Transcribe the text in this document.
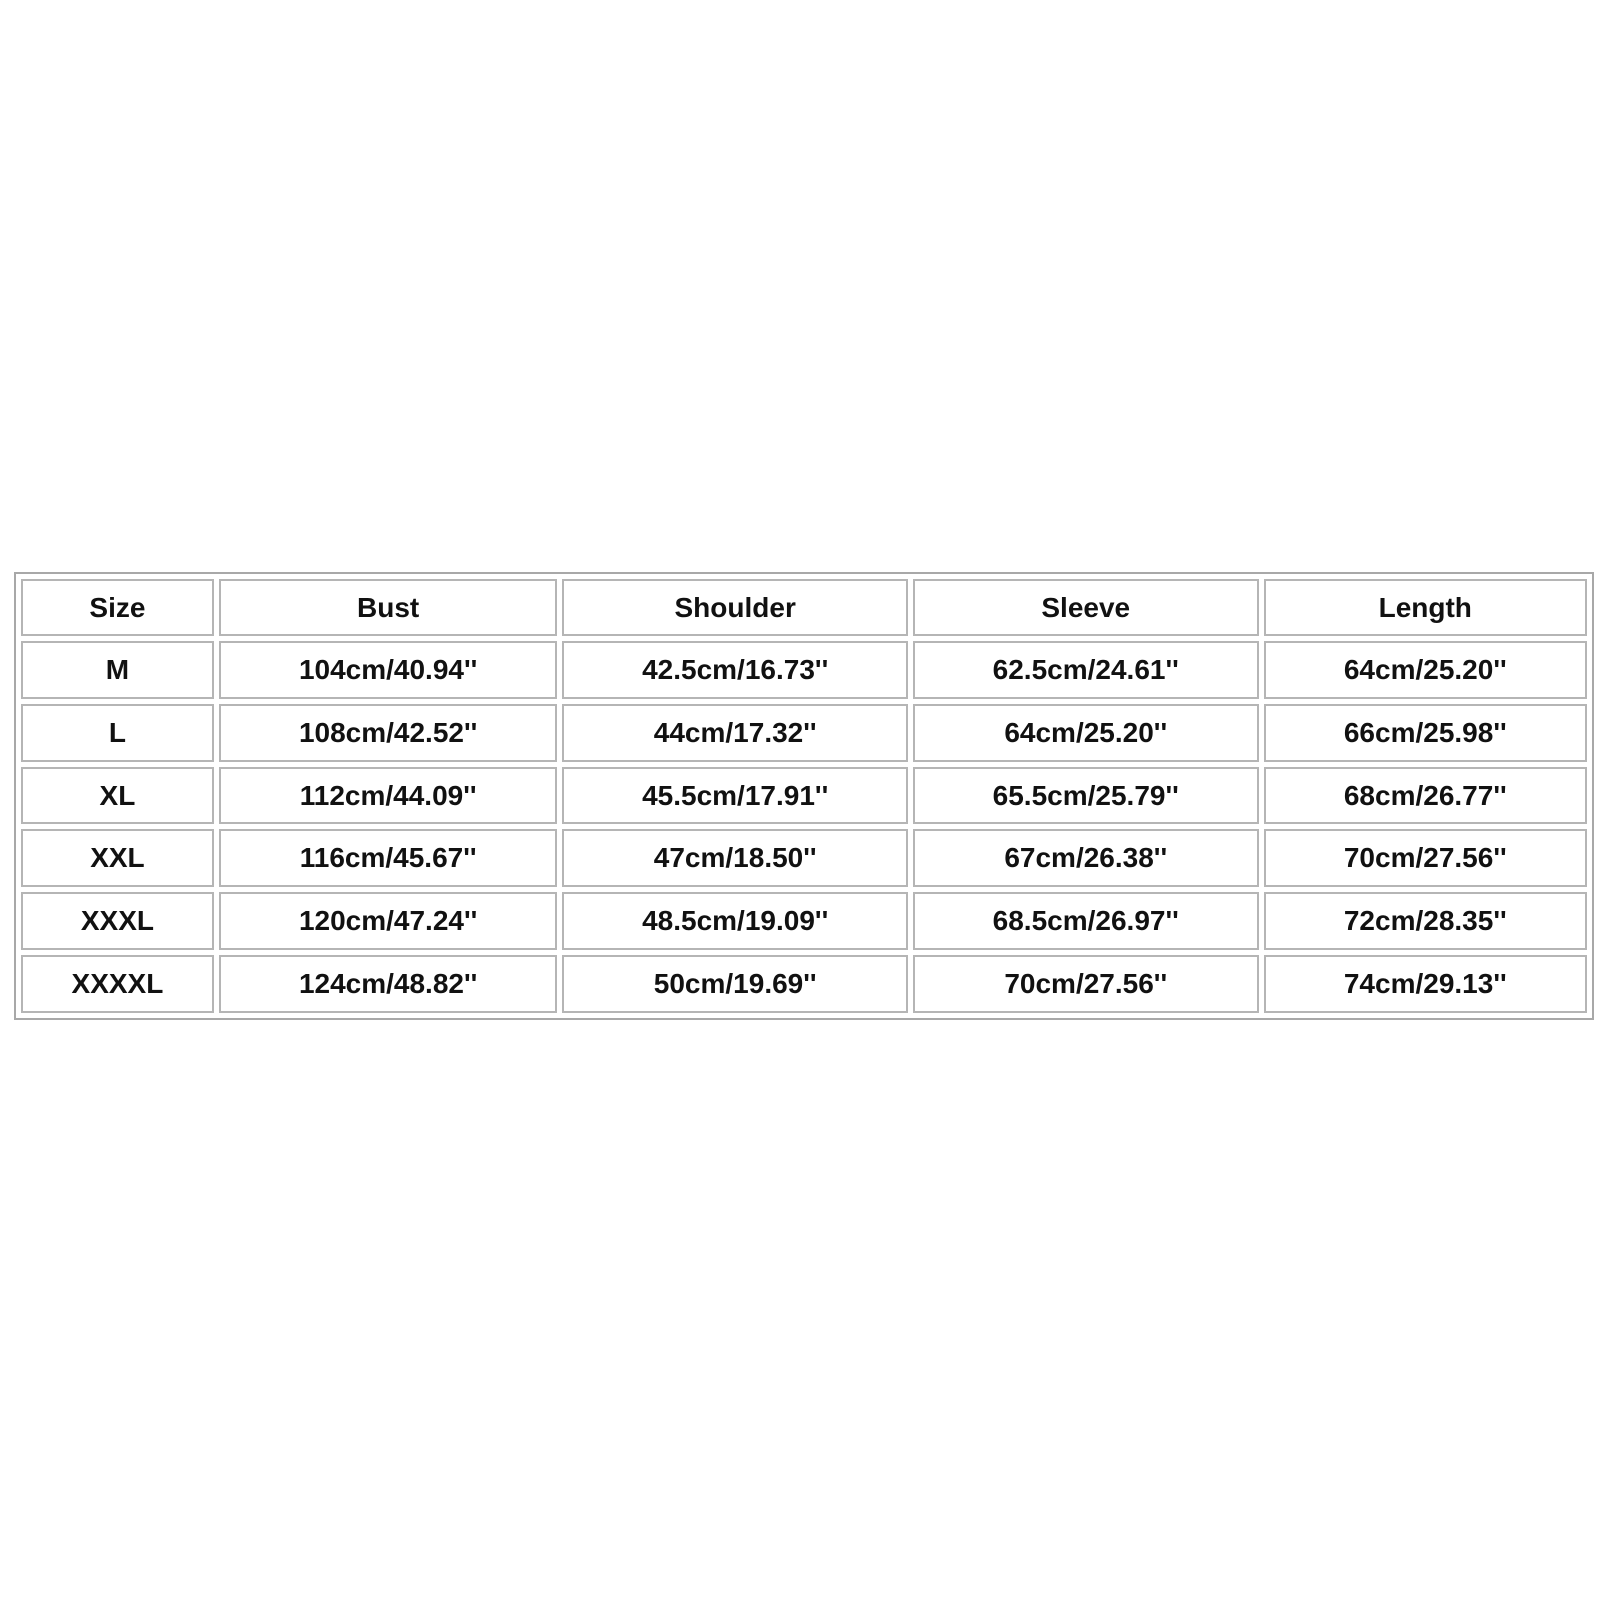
Size	Bust	Shoulder	Sleeve	Length
M	104cm/40.94''	42.5cm/16.73''	62.5cm/24.61''	64cm/25.20''
L	108cm/42.52''	44cm/17.32''	64cm/25.20''	66cm/25.98''
XL	112cm/44.09''	45.5cm/17.91''	65.5cm/25.79''	68cm/26.77''
XXL	116cm/45.67''	47cm/18.50''	67cm/26.38''	70cm/27.56''
XXXL	120cm/47.24''	48.5cm/19.09''	68.5cm/26.97''	72cm/28.35''
XXXXL	124cm/48.82''	50cm/19.69''	70cm/27.56''	74cm/29.13''
